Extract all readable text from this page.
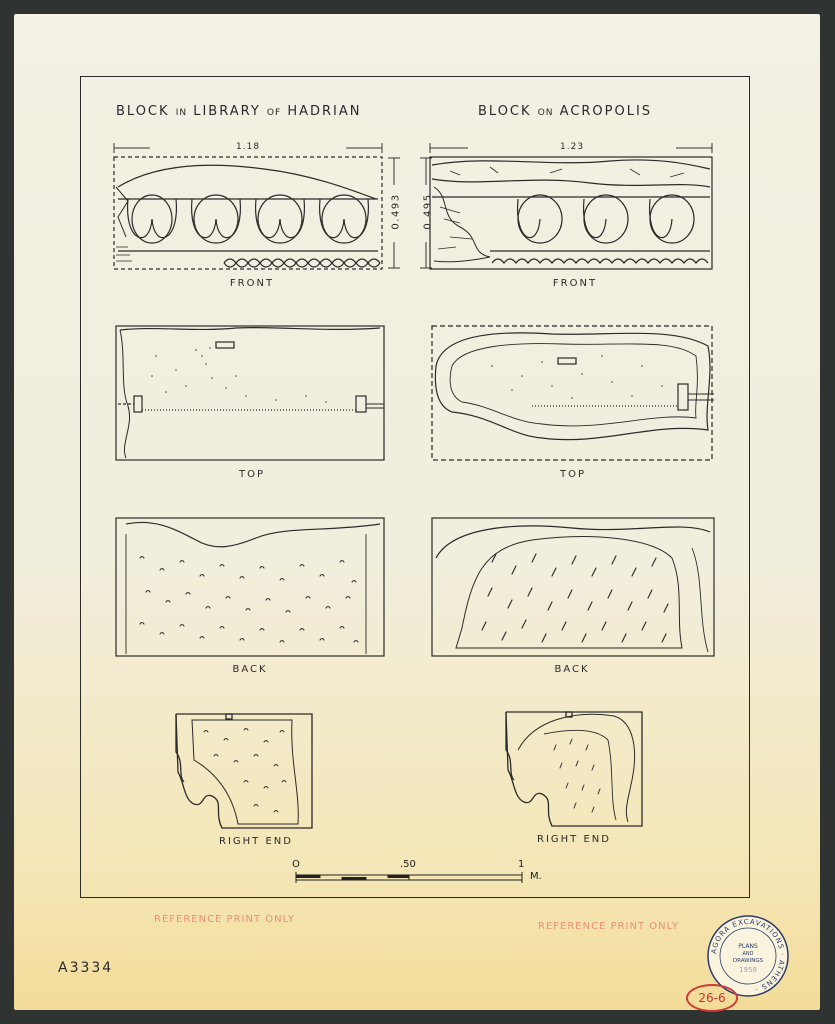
BLOCK IN LIBRARY OF HADRIAN	BLOCK ON ACROPOLIS
1.18	1.23
0.493 0.495
FRONT	FRONT
TOP	TOP
BACK	BACK
RIGHT END	RIGHT END
O	.50	1
M.
REFERENCE PRINT ONLY
REFERENCE PRINT ONLY
AGORA EXCAVATIONS · ATHENS ·
PLANS
AND
DRAWINGS
1958
26-6
A3334
